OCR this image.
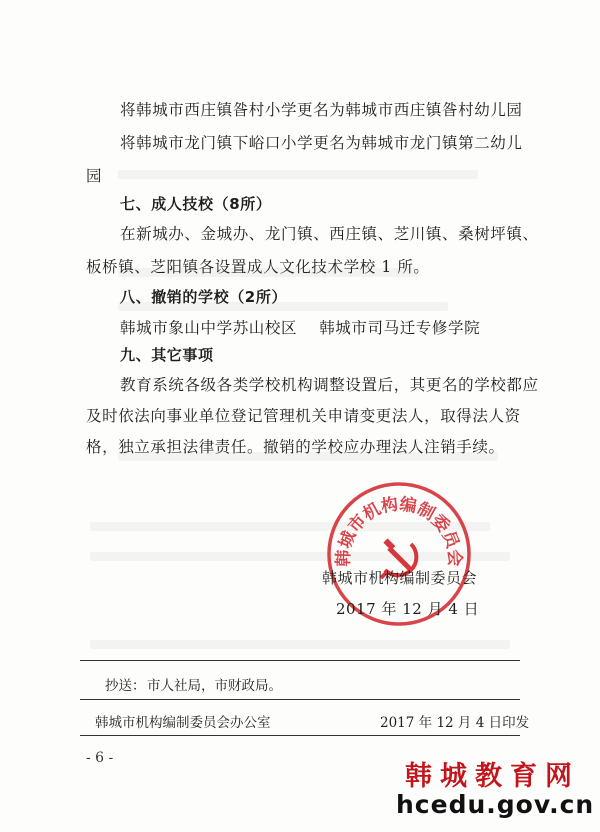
将韩城市西庄镇昝村小学更名为韩城市西庄镇昝村幼儿园
将韩城市龙门镇下峪口小学更名为韩城市龙门镇第二幼儿
园
七、成人技校（8所）
在新城办、金城办、龙门镇、西庄镇、芝川镇、桑树坪镇、
板桥镇、芝阳镇各设置成人文化技术学校 1 所。
八、撤销的学校（2所）
韩城市象山中学苏山校区    韩城市司马迁专修学院
九、其它事项
教育系统各级各类学校机构调整设置后，其更名的学校都应
及时依法向事业单位登记管理机关申请变更法人，取得法人资
格，独立承担法律责任。撤销的学校应办理法人注销手续。
韩城市机构编制委员会
韩城市机构编制委员会
2017 年 12 月 4 日
抄送： 市人社局，市财政局。
韩城市机构编制委员会办公室	2017 年 12 月 4 日印发
- 6 -
韩城教育网
hcedu.gov.cn
